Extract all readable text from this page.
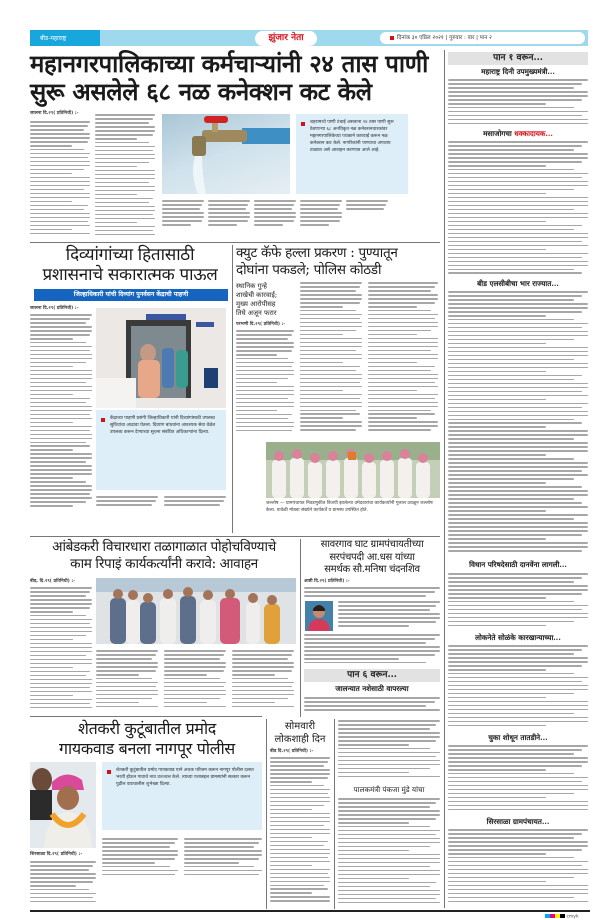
बीड-महाराष्ट्र	झुंजार नेता	दिनांक ३० एप्रिल २०२१ | गुरुवार : वार | पान २
महानगरपालिकाच्या कर्मचाऱ्यांनी २४ तास पाणी
सुरू असलेले ६८ नळ कनेक्शन कट केले
जालना दि.२९( प्रतिनिधी) :-
शहरामध्ये पाणी टंचाई असताना २४ तास पाणी सुरू ठेवणाऱ्या ६८ अनधिकृत नळ कनेक्शनधारकांवर महानगरपालिकेच्या पथकाने कारवाई करून नळ कनेक्शन कट केले. नागरिकांनी पाण्याचा अपव्यय टाळावा असे आवाहन करण्यात आले आहे.
दिव्यांगांच्या हितासाठी
प्रशासनाचे सकारात्मक पाऊल
जिल्हाधिकारी यांची दिव्यांग पुनर्वसन केंद्राची पाहणी
जालना दि.२९( प्रतिनिधी) :-
केंद्राच्या पाहणी प्रसंगी जिल्हाधिकारी यांनी दिव्यांगांसाठी उपलब्ध सुविधांचा आढावा घेतला. दिव्यांग बांधवांना आवश्यक सेवा वेळेत उपलब्ध करून देण्याच्या सूचना संबंधित अधिकाऱ्यांना दिल्या.
क्युट कॅफे हल्ला प्रकरण : पुण्यातून
दोघांना पकडले; पोलिस कोठडी
स्थानिक गुन्हे
शाखेची कारवाई;
मुख्य आरोपीसह
तिघे अजून फरार
परभणी दि.२९( प्रतिनिधी) :-
जल्लोष — ग्रामपंचायत निवडणुकीत विजयी झालेल्या उमेदवारांचा कार्यकर्त्यांनी गुलाल उधळून जल्लोष केला. यावेळी मोठ्या संख्येने कार्यकर्ते व ग्रामस्थ उपस्थित होते.
आंबेडकरी विचारधारा तळागाळात पोहोचविण्याचे
काम रिपाइं कार्यकर्त्यांनी करावे: आवाहन
बीड, दि.२९( प्रतिनिधी) :-
सावरगाव घाट ग्रामपंचायतीच्या
सरपंचपदी आ.धस यांच्या
समर्थक सौ.मनिषा चंदनशिव
आष्टी दि.२९( प्रतिनिधी) :-
पान ६ वरून...
जालन्यात नशेसाठी वापरल्या
शेतकरी कुटूंबातील प्रमोद
गायकवाड बनला नागपूर पोलीस
शिरसाळा दि.२९( प्रतिनिधी) :-
शेतकरी कुटुंबातील प्रमोद गायकवाड याने अथक परिश्रम करून नागपूर पोलीस दलात भरती होऊन गावाचे नाव उज्ज्वल केले. त्याच्या यशाबद्दल ग्रामस्थांनी सत्कार करून पुढील वाटचालीस शुभेच्छा दिल्या.
सोमवारी
लोकशाही दिन
बीड दि.२९( प्रतिनिधी) :-
पालकमंत्री पंकजा मुंडे यांचा
पान १ वरून...
महाराष्ट्र दिनी उपमुख्यमंत्री...
मसाजोगचा धक्कादायक...
बीड एलसीबीचा भार राज्यात...
विधान परिषदेसाठी दानवेंना लागली...
लोकनेते सोळंके कारखान्याच्या...
चुका शोधून तातडीने...
सिरसाळा ग्रामपंचायत...
cmyk
